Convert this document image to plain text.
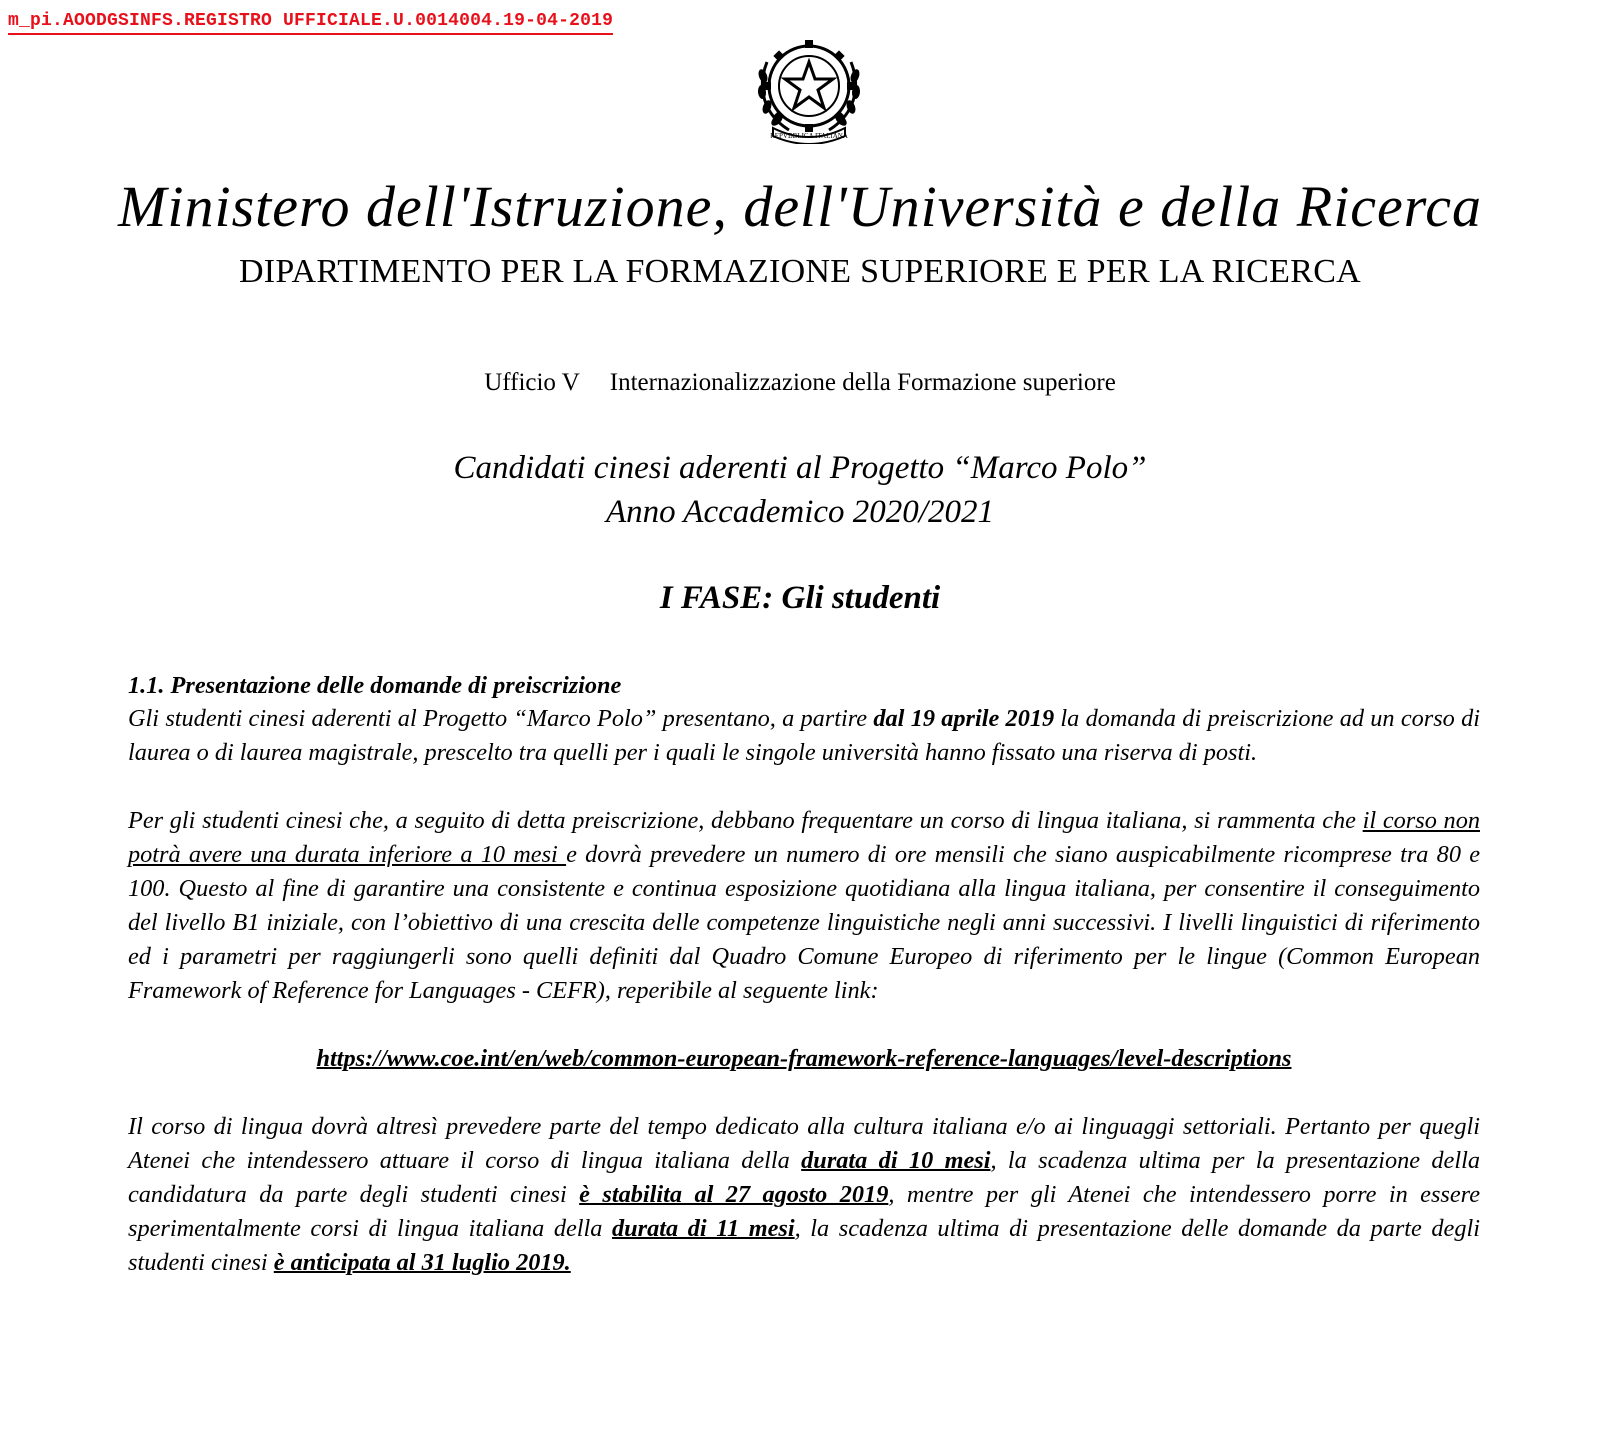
m_pi.AOODGSINFS.REGISTRO UFFICIALE.U.0014004.19-04-2019
REPVBBLICA ITALIANA
Ministero dell'Istruzione, dell'Università e della Ricerca
DIPARTIMENTO PER LA FORMAZIONE SUPERIORE E PER LA RICERCA
Ufficio V Internazionalizzazione della Formazione superiore
Candidati cinesi aderenti al Progetto “Marco Polo”
Anno Accademico 2020/2021
I FASE: Gli studenti
1.1. Presentazione delle domande di preiscrizione

Gli studenti cinesi aderenti al Progetto “Marco Polo” presentano, a partire dal 19 aprile 2019 la domanda di preiscrizione ad un corso di laurea o di laurea magistrale, prescelto tra quelli per i quali le singole università hanno fissato una riserva di posti.

Per gli studenti cinesi che, a seguito di detta preiscrizione, debbano frequentare un corso di lingua italiana, si rammenta che il corso non potrà avere una durata inferiore a 10 mesi e dovrà prevedere un numero di ore mensili che siano auspicabilmente ricomprese tra 80 e 100. Questo al fine di garantire una consistente e continua esposizione quotidiana alla lingua italiana, per consentire il conseguimento del livello B1 iniziale, con l’obiettivo di una crescita delle competenze linguistiche negli anni successivi. I livelli linguistici di riferimento ed i parametri per raggiungerli sono quelli definiti dal Quadro Comune Europeo di riferimento per le lingue (Common European Framework of Reference for Languages - CEFR), reperibile al seguente link:

https://www.coe.int/en/web/common-european-framework-reference-languages/level-descriptions

Il corso di lingua dovrà altresì prevedere parte del tempo dedicato alla cultura italiana e/o ai linguaggi settoriali. Pertanto per quegli Atenei che intendessero attuare il corso di lingua italiana della durata di 10 mesi, la scadenza ultima per la presentazione della candidatura da parte degli studenti cinesi è stabilita al 27 agosto 2019, mentre per gli Atenei che intendessero porre in essere sperimentalmente corsi di lingua italiana della durata di 11 mesi, la scadenza ultima di presentazione delle domande da parte degli studenti cinesi è anticipata al 31 luglio 2019.
